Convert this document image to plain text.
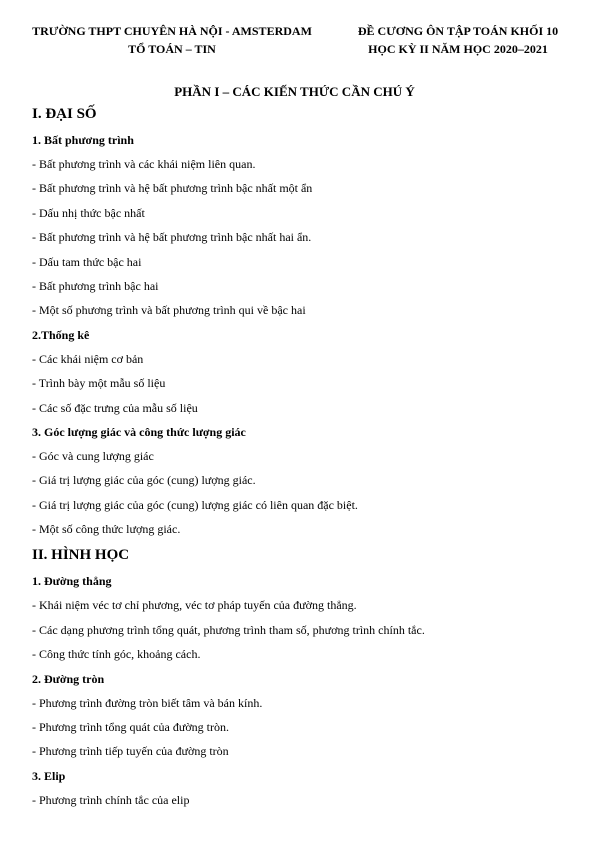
TRƯỜNG THPT CHUYÊN HÀ NỘI - AMSTERDAM
TỔ TOÁN – TIN
ĐỀ CƯƠNG ÔN TẬP TOÁN KHỐI 10
HỌC KỲ II NĂM HỌC 2020–2021
PHẦN I – CÁC KIẾN THỨC CẦN CHÚ Ý
I. ĐẠI SỐ
1. Bất phương trình
- Bất phương trình và các khái niệm liên quan.
- Bất phương trình và hệ bất phương trình bậc nhất một ẩn
- Dấu nhị thức bậc nhất
- Bất phương trình và hệ bất phương trình bậc nhất hai ẩn.
- Dấu tam thức bậc hai
- Bất phương trình bậc hai
- Một số phương trình và bất phương trình qui về bậc hai
2.Thống kê
- Các khái niệm cơ bản
- Trình bày một mẫu số liệu
- Các số đặc trưng của mẫu số liệu
3. Góc lượng giác và công thức lượng giác
- Góc và cung lượng giác
- Giá trị lượng giác của góc (cung) lượng giác.
- Giá trị lượng giác của góc (cung) lượng giác có liên quan đặc biệt.
- Một số công thức lượng giác.
II. HÌNH HỌC
1. Đường thẳng
- Khái niệm véc tơ chỉ phương, véc tơ pháp tuyến của đường thẳng.
- Các dạng phương trình tổng quát, phương trình tham số, phương trình chính tắc.
- Công thức tính góc, khoảng cách.
2. Đường tròn
- Phương trình đường tròn biết tâm và bán kính.
- Phương trình tổng quát của đường tròn.
- Phương trình tiếp tuyến của đường tròn
3. Elip
- Phương trình chính tắc của elip
